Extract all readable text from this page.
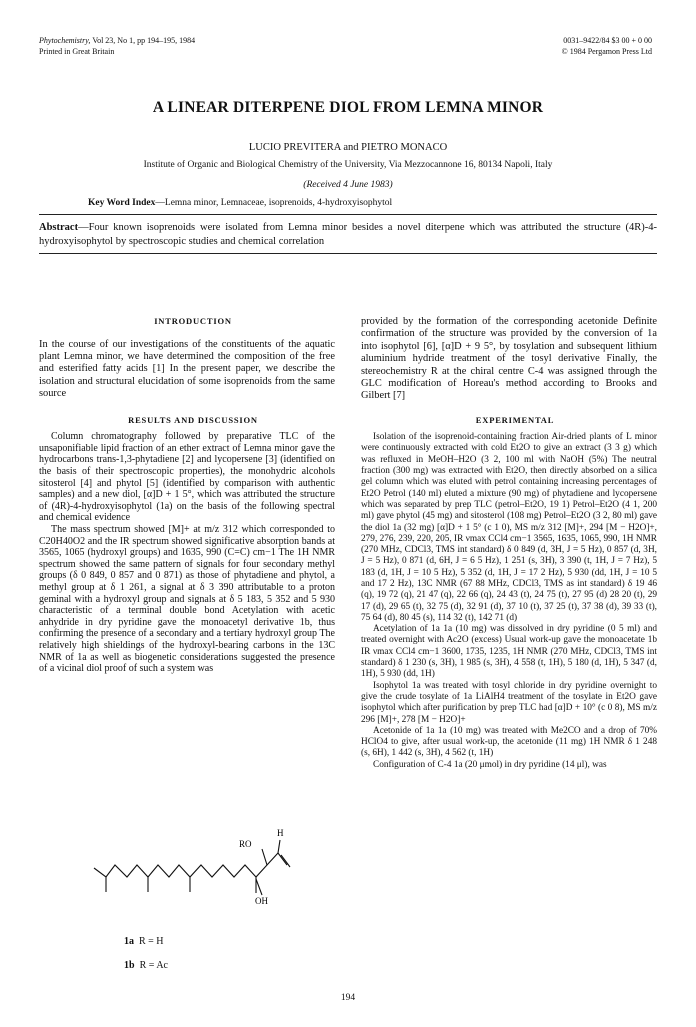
Phytochemistry, Vol 23, No 1, pp 194–195, 1984
Printed in Great Britain
0031–9422/84 $3 00 + 0 00
© 1984 Pergamon Press Ltd
A LINEAR DITERPENE DIOL FROM LEMNA MINOR
LUCIO PREVITERA and PIETRO MONACO
Institute of Organic and Biological Chemistry of the University, Via Mezzocannone 16, 80134 Napoli, Italy
(Received 4 June 1983)
Key Word Index—Lemna minor, Lemnaceae, isoprenoids, 4-hydroxyisophytol
Abstract—Four known isoprenoids were isolated from Lemna minor besides a novel diterpene which was attributed the structure (4R)-4-hydroxyisophytol by spectroscopic studies and chemical correlation

INTRODUCTION

In the course of our investigations of the constituents of the aquatic plant Lemna minor, we have determined the composition of the free and esterified fatty acids [1] In the present paper, we describe the isolation and structural elucidation of some isoprenoids from the same source

RESULTS AND DISCUSSION

Column chromatography followed by preparative TLC of the unsaponifiable lipid fraction of an ether extract of Lemna minor gave the hydrocarbons trans-1,3-phytadiene [2] and lycopersene [3] (identified on the basis of their spectroscopic properties), the monohydric alcohols sitosterol [4] and phytol [5] (identified by comparison with authentic samples) and a new diol, [α]D + 1 5°, which was attributed the structure of (4R)-4-hydroxyisophytol (1a) on the basis of the following spectral and chemical evidence

The mass spectrum showed [M]+ at m/z 312 which corresponded to C20H40O2 and the IR spectrum showed significative absorption bands at 3565, 1065 (hydroxyl groups) and 1635, 990 (C=C) cm−1 The 1H NMR spectrum showed the same pattern of signals for four secondary methyl groups (δ 0 849, 0 857 and 0 871) as those of phytadiene and phytol, a methyl group at δ 1 261, a signal at δ 3 390 attributable to a proton geminal with a hydroxyl group and signals at δ 5 183, 5 352 and 5 930 characteristic of a terminal double bond Acetylation with acetic anhydride in dry pyridine gave the monoacetyl derivative 1b, thus confirming the presence of a secondary and a tertiary hydroxyl group The relatively high shieldings of the hydroxyl-bearing carbons in the 13C NMR of 1a as well as biogenetic considerations suggested the presence of a vicinal diol proof of such a system was

RO
H
OH
1a R = H
1b R = Ac

provided by the formation of the corresponding acetonide Definite confirmation of the structure was provided by the conversion of 1a into isophytol [6], [α]D + 9 5°, by tosylation and subsequent lithium aluminium hydride treatment of the tosyl derivative Finally, the stereochemistry R at the chiral centre C-4 was assigned through the GLC modification of Horeau's method according to Brooks and Gilbert [7]

EXPERIMENTAL

Isolation of the isoprenoid-containing fraction Air-dried plants of L minor were continuously extracted with cold Et2O to give an extract (3 3 g) which was refluxed in MeOH–H2O (3 2, 100 ml with NaOH (5%) The neutral fraction (300 mg) was extracted with Et2O, then directly absorbed on a silica gel column which was eluted with petrol containing increasing percentages of Et2O Petrol (140 ml) eluted a mixture (90 mg) of phytadiene and lycopersene which was separated by prep TLC (petrol–Et2O, 19 1) Petrol–Et2O (4 1, 200 ml) gave phytol (45 mg) and sitosterol (108 mg) Petrol–Et2O (3 2, 80 ml) gave the diol 1a (32 mg) [α]D + 1 5° (c 1 0), MS m/z 312 [M]+, 294 [M − H2O]+, 279, 276, 239, 220, 205, IR νmax CCl4 cm−1 3565, 1635, 1065, 990, 1H NMR (270 MHz, CDCl3, TMS int standard) δ 0 849 (d, 3H, J = 5 Hz), 0 857 (d, 3H, J = 5 Hz), 0 871 (d, 6H, J = 6 5 Hz), 1 251 (s, 3H), 3 390 (t, 1H, J = 7 Hz), 5 183 (d, 1H, J = 10 5 Hz), 5 352 (d, 1H, J = 17 2 Hz), 5 930 (dd, 1H, J = 10 5 and 17 2 Hz), 13C NMR (67 88 MHz, CDCl3, TMS as int standard) δ 19 46 (q), 19 72 (q), 21 47 (q), 22 66 (q), 24 43 (t), 24 75 (t), 27 95 (d) 28 20 (t), 29 17 (d), 29 65 (t), 32 75 (d), 32 91 (d), 37 10 (t), 37 25 (t), 37 38 (d), 39 33 (t), 75 64 (d), 80 45 (s), 114 32 (t), 142 71 (d)

Acetylation of 1a 1a (10 mg) was dissolved in dry pyridine (0 5 ml) and treated overnight with Ac2O (excess) Usual work-up gave the monoacetate 1b IR νmax CCl4 cm−1 3600, 1735, 1235, 1H NMR (270 MHz, CDCl3, TMS int standard) δ 1 230 (s, 3H), 1 985 (s, 3H), 4 558 (t, 1H), 5 180 (d, 1H), 5 347 (d, 1H), 5 930 (dd, 1H)

Isophytol 1a was treated with tosyl chloride in dry pyridine overnight to give the crude tosylate of 1a LiAlH4 treatment of the tosylate in Et2O gave isophytol which after purification by prep TLC had [α]D + 10° (c 0 8), MS m/z 296 [M]+, 278 [M − H2O]+

Acetonide of 1a 1a (10 mg) was treated with Me2CO and a drop of 70% HClO4 to give, after usual work-up, the acetonide (11 mg) 1H NMR δ 1 248 (s, 6H), 1 442 (s, 3H), 4 562 (t, 1H)

Configuration of C-4 1a (20 μmol) in dry pyridine (14 μl), was

194
